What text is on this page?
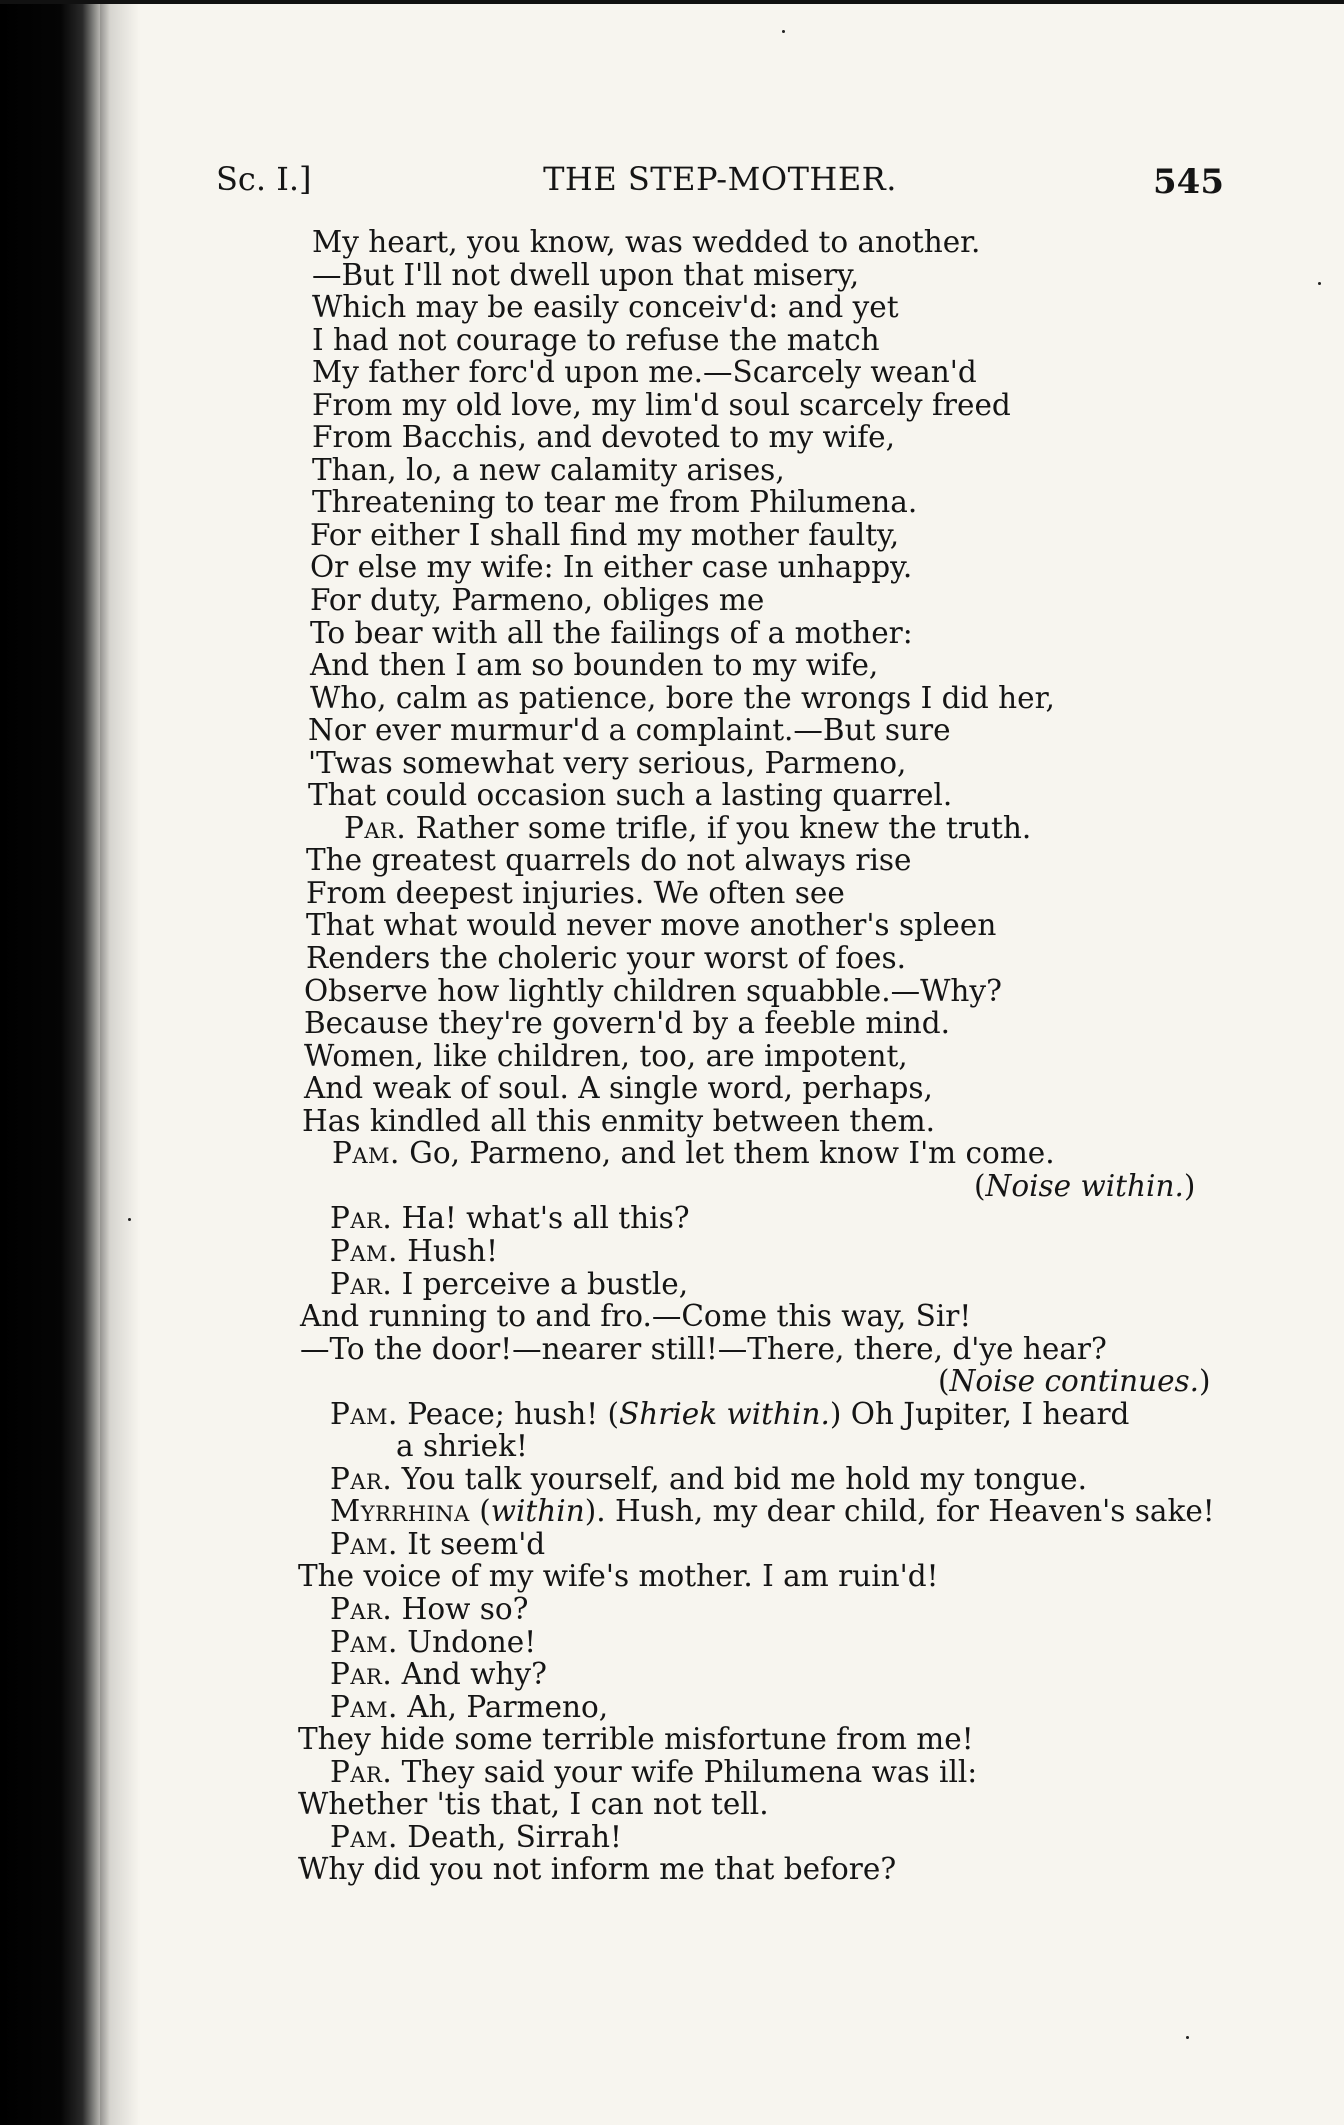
Sc. I.]	THE STEP-MOTHER.	545
My heart, you know, was wedded to another.
—But I'll not dwell upon that misery,
Which may be easily conceiv'd: and yet
I had not courage to refuse the match
My father forc'd upon me.—Scarcely wean'd
From my old love, my lim'd soul scarcely freed
From Bacchis, and devoted to my wife,
Than, lo, a new calamity arises,
Threatening to tear me from Philumena.
For either I shall find my mother faulty,
Or else my wife: In either case unhappy.
For duty, Parmeno, obliges me
To bear with all the failings of a mother:
And then I am so bounden to my wife,
Who, calm as patience, bore the wrongs I did her,
Nor ever murmur'd a complaint.—But sure
'Twas somewhat very serious, Parmeno,
That could occasion such a lasting quarrel.
Par. Rather some trifle, if you knew the truth.
The greatest quarrels do not always rise
From deepest injuries. We often see
That what would never move another's spleen
Renders the choleric your worst of foes.
Observe how lightly children squabble.—Why?
Because they're govern'd by a feeble mind.
Women, like children, too, are impotent,
And weak of soul. A single word, perhaps,
Has kindled all this enmity between them.
Pam. Go, Parmeno, and let them know I'm come.
(Noise within.)
Par. Ha! what's all this?
Pam. Hush!
Par. I perceive a bustle,
And running to and fro.—Come this way, Sir!
—To the door!—nearer still!—There, there, d'ye hear?
(Noise continues.)
Pam. Peace; hush! (Shriek within.) Oh Jupiter, I heard
a shriek!
Par. You talk yourself, and bid me hold my tongue.
Myrrhina (within). Hush, my dear child, for Heaven's sake!
Pam. It seem'd
The voice of my wife's mother. I am ruin'd!
Par. How so?
Pam. Undone!
Par. And why?
Pam. Ah, Parmeno,
They hide some terrible misfortune from me!
Par. They said your wife Philumena was ill:
Whether 'tis that, I can not tell.
Pam. Death, Sirrah!
Why did you not inform me that before?
